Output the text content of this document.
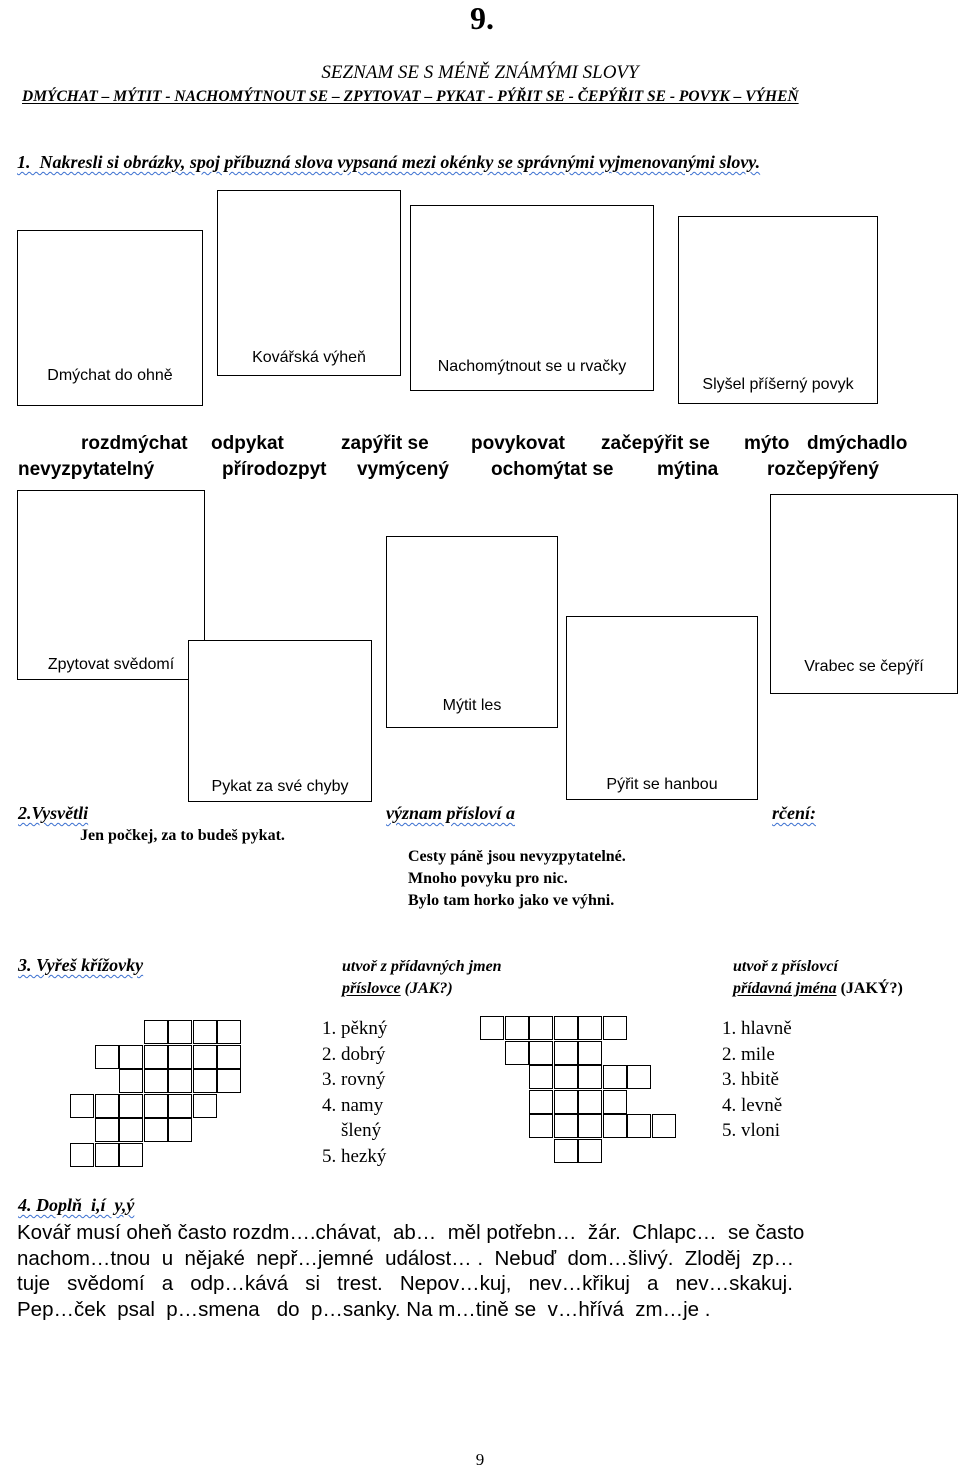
9.
SEZNAM SE S MÉNĚ ZNÁMÝMI SLOVY
DMÝCHAT – MÝTIT - NACHOMÝTNOUT SE – ZPYTOVAT – PYKAT - PÝŘIT SE - ČEPÝŘIT SE - POVYK – VÝHEŇ
1.  Nakresli si obrázky, spoj příbuzná slova vypsaná mezi okénky se správnými vyjmenovanými slovy.
Dmýchat do ohně
Kovářská výheň
Nachomýtnout se u rvačky
Slyšel příšerný povyk
rozdmýchat odpykat	zapýřit se povykovat začepýřit se mýto dmýchadlo
nevyzpytatelný	přírodozpyt vymýcený ochomýtat se mýtina	rozčepýřený
Zpytovat svědomí
Pykat za své chyby
Mýtit les
Pýřit se hanbou
Vrabec se čepýří
2.Vysvětli	význam přísloví a	rčení:
Jen počkej, za to budeš pykat.
Cesty páně jsou nevyzpytatelné.
Mnoho povyku pro nic.
Bylo tam horko jako ve výhni.
3. Vyřeš křížovky	utvoř z přídavných jmen
příslovce (JAK?)
utvoř z příslovcí
přídavná jména (JAKÝ?)
1. pěkný
2. dobrý
3. rovný
4. namy
šlený
5. hezký
1. hlavně
2. mile
3. hbitě
4. levně
5. vloni
4. Doplň  i,í  y,ý
Kovář musí oheň často rozdm….chávat,  ab…  měl potřebn…  žár.  Chlapc…  se často
nachom…tnou  u  nějaké  nepř…jemné  událost… .  Nebuď  dom…šlivý.  Zloděj  zp…
tuje   svědomí   a   odp…kává   si   trest.   Nepov…kuj,   nev…křikuj   a   nev…skakuj.
Pep…ček  psal  p…smena   do  p…sanky. Na m…tině se  v…hřívá  zm…je .
9
